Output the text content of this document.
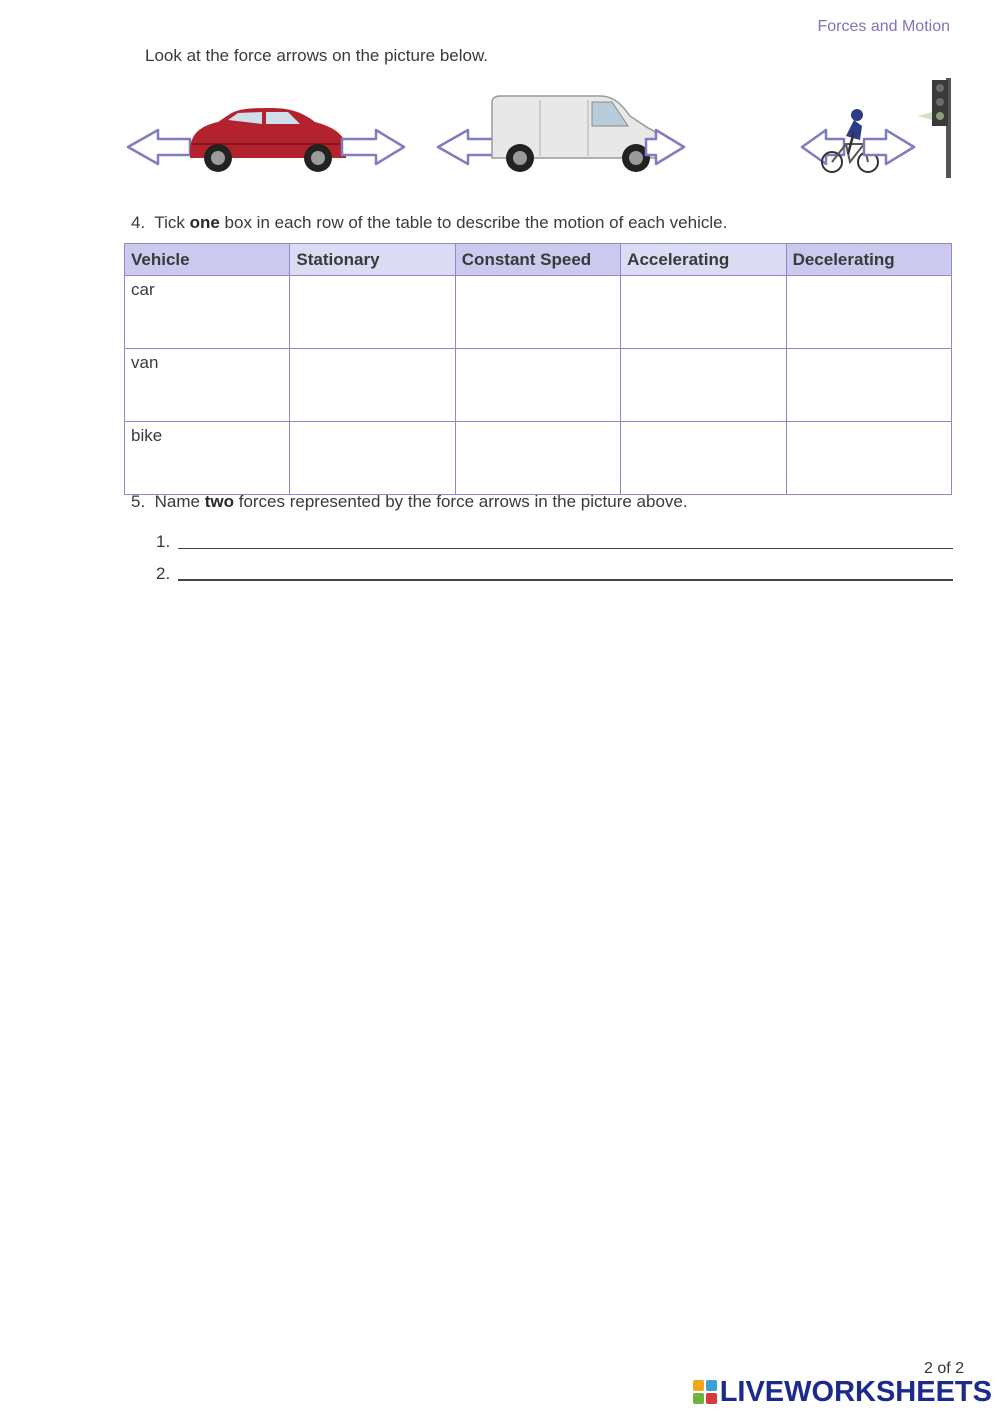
Forces and Motion
Look at the force arrows on the picture below.
4. Tick one box in each row of the table to describe the motion of each vehicle.
Vehicle	Stationary	Constant Speed	Accelerating	Decelerating
car				
van				
bike				
5. Name two forces represented by the force arrows in the picture above.
1.
2.
2 of 2
LIVEWORKSHEETS
